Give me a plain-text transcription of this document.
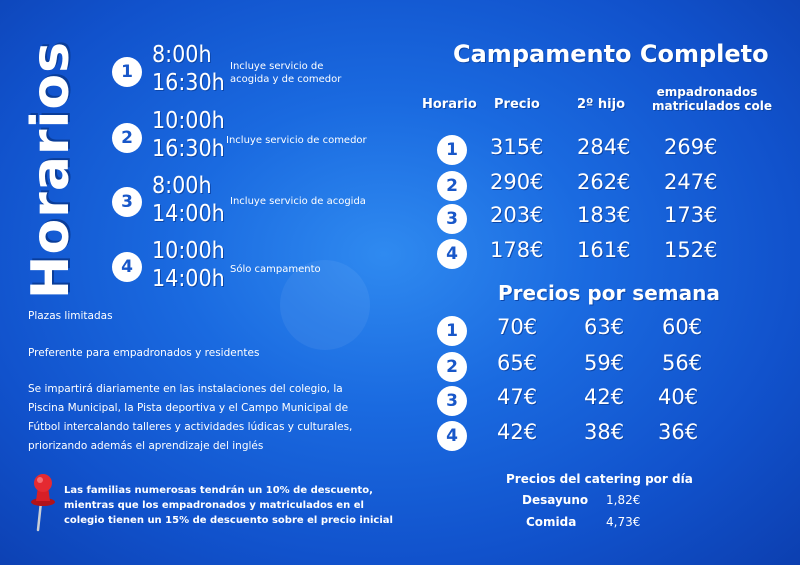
Horarios	1
8:00h
16:30h
Incluye servicio de
acogida y de comedor
2
10:00h
16:30h Incluye servicio de comedor
3
8:00h
14:00h Incluye servicio de acogida
4
10:00h
14:00h Sólo campamento
Plazas limitadas
Preferente para empadronados y residentes
Se impartirá diariamente en las instalaciones del colegio, la Piscina Municipal, la Pista deportiva y el Campo Municipal de Fútbol intercalando talleres y actividades lúdicas y culturales, priorizando además el aprendizaje del inglés
Las familias numerosas tendrán un 10% de descuento, mientras que los empadronados y matriculados en el colegio tienen un 15% de descuento sobre el precio inicial
Campamento Completo
Horario Precio	2º hijo
empadronados
matriculados cole
1	315€ 284€ 269€
2	290€ 262€ 247€
3	203€ 183€ 173€
4	178€ 161€ 152€
Precios por semana
1	70€ 63€ 60€
2	65€ 59€ 56€
3	47€ 42€ 40€
4	42€ 38€ 36€
Precios del catering por día
Desayuno 1,82€
Comida 4,73€
